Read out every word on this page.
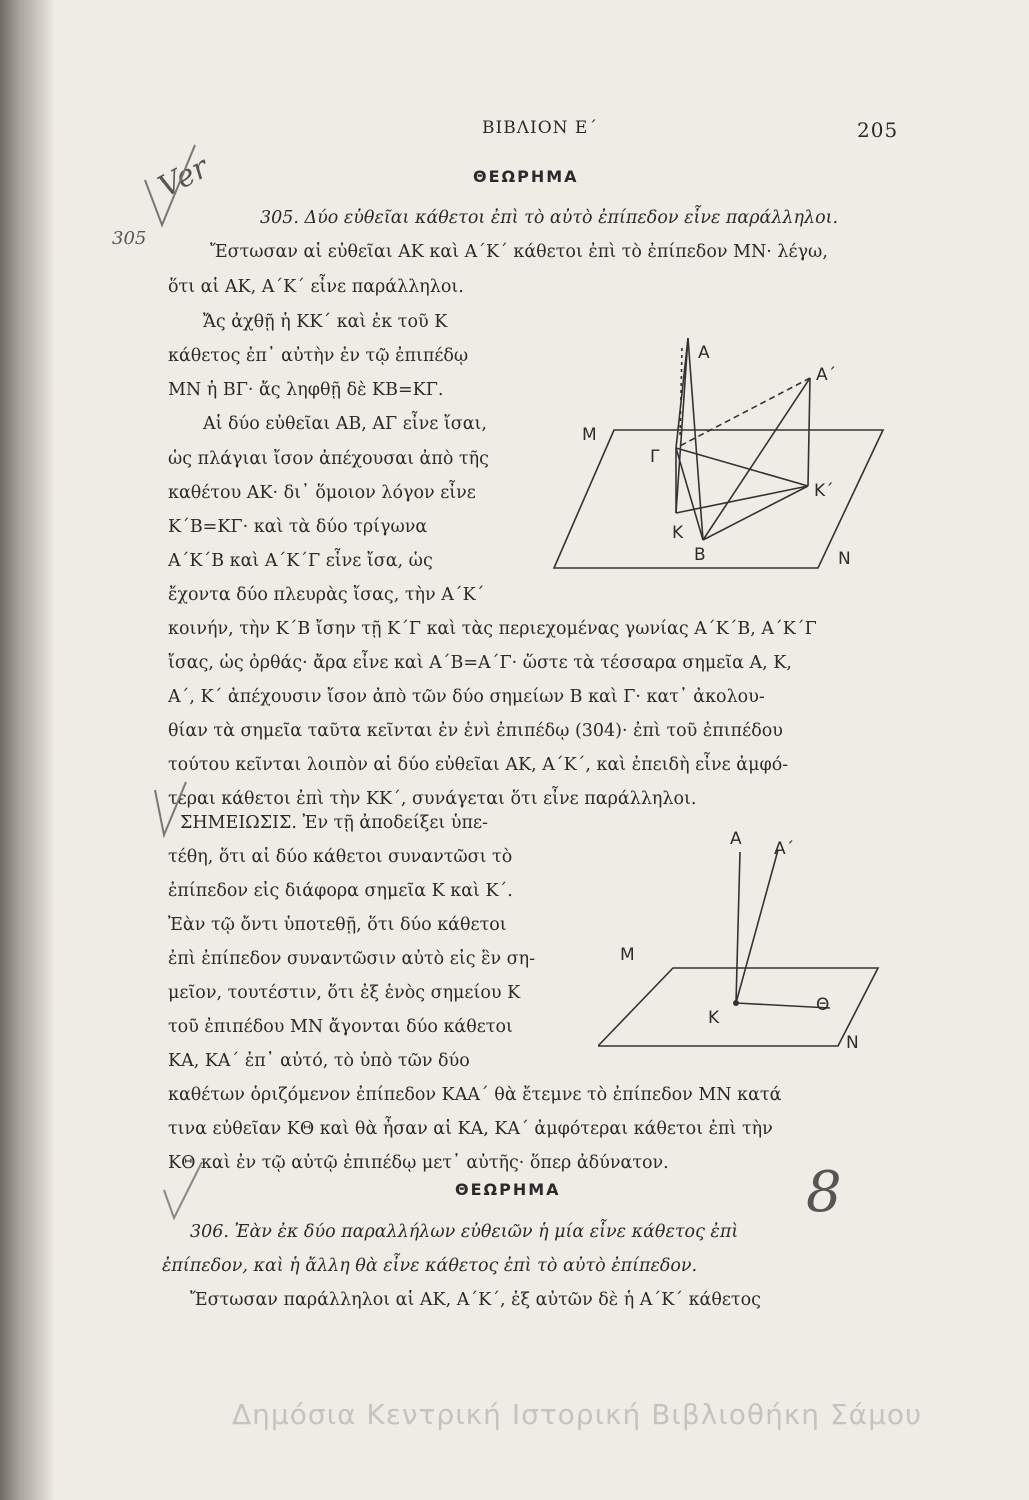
ΒΙΒΛΙΟΝ Ε΄	205
ΘΕΩΡΗΜΑ
305. Δύο εὐθεῖαι κάθετοι ἐπὶ τὸ αὐτὸ ἐπίπεδον εἶνε παράλληλοι.
Ἔστωσαν αἱ εὐθεῖαι ΑΚ καὶ Α΄Κ΄ κάθετοι ἐπὶ τὸ ἐπίπεδον ΜΝ· λέγω,
ὅτι αἱ ΑΚ, Α΄Κ΄ εἶνε παράλληλοι.
Ἄς ἀχθῇ ἡ ΚΚ΄ καὶ ἐκ τοῦ Κ
κάθετος ἐπ᾽ αὐτὴν ἐν τῷ ἐπιπέδῳ
ΜΝ ἡ ΒΓ· ἄς ληφθῇ δὲ ΚΒ=ΚΓ.
Αἱ δύο εὐθεῖαι ΑΒ, ΑΓ εἶνε ἴσαι,
ὡς πλάγιαι ἴσον ἀπέχουσαι ἀπὸ τῆς
καθέτου ΑΚ· δι᾽ ὅμοιον λόγον εἶνε
Κ΄Β=ΚΓ· καὶ τὰ δύο τρίγωνα
Α΄Κ΄Β καὶ Α΄Κ΄Γ εἶνε ἴσα, ὡς
ἔχοντα δύο πλευρὰς ἴσας, τὴν Α΄Κ΄
κοινήν, τὴν Κ΄Β ἴσην τῇ Κ΄Γ καὶ τὰς περιεχομένας γωνίας Α΄Κ΄Β, Α΄Κ΄Γ
ἴσας, ὡς ὀρθάς· ἄρα εἶνε καὶ Α΄Β=Α΄Γ· ὥστε τὰ τέσσαρα σημεῖα Α, Κ,
Α΄, Κ΄ ἀπέχουσιν ἴσον ἀπὸ τῶν δύο σημείων Β καὶ Γ· κατ᾽ ἀκολου-
θίαν τὰ σημεῖα ταῦτα κεῖνται ἐν ἑνὶ ἐπιπέδῳ (304)· ἐπὶ τοῦ ἐπιπέδου
τούτου κεῖνται λοιπὸν αἱ δύο εὐθεῖαι ΑΚ, Α΄Κ΄, καὶ ἐπειδὴ εἶνε ἀμφό-
τεραι κάθετοι ἐπὶ τὴν ΚΚ΄, συνάγεται ὅτι εἶνε παράλληλοι.
Α
Α΄
Μ
Γ
Κ
Κ΄
Β	Ν
ΣΗΜΕΙΩΣΙΣ. Ἐν τῇ ἀποδείξει ὑπε-
τέθη, ὅτι αἱ δύο κάθετοι συναντῶσι τὸ
ἐπίπεδον εἰς διάφορα σημεῖα Κ καὶ Κ΄.
Ἐὰν τῷ ὄντι ὑποτεθῇ, ὅτι δύο κάθετοι
ἐπὶ ἐπίπεδον συναντῶσιν αὐτὸ εἰς ἓν ση-
μεῖον, τουτέστιν, ὅτι ἐξ ἑνὸς σημείου Κ
τοῦ ἐπιπέδου ΜΝ ἄγονται δύο κάθετοι
ΚΑ, ΚΑ΄ ἐπ᾽ αὐτό, τὸ ὑπὸ τῶν δύο
καθέτων ὁριζόμενον ἐπίπεδον ΚΑΑ΄ θὰ ἔτεμνε τὸ ἐπίπεδον ΜΝ κατά
τινα εὐθεῖαν ΚΘ καὶ θὰ ἦσαν αἱ ΚΑ, ΚΑ΄ ἀμφότεραι κάθετοι ἐπὶ τὴν
ΚΘ καὶ ἐν τῷ αὐτῷ ἐπιπέδῳ μετ᾽ αὐτῆς· ὅπερ ἀδύνατον.
Α Α΄
Μ
Κ
Θ
Ν
ΘΕΩΡΗΜΑ
306. Ἐὰν ἐκ δύο παραλλήλων εὐθειῶν ἡ μία εἶνε κάθετος ἐπὶ
ἐπίπεδον, καὶ ἡ ἄλλη θὰ εἶνε κάθετος ἐπὶ τὸ αὐτὸ ἐπίπεδον.
Ἔστωσαν παράλληλοι αἱ ΑΚ, Α΄Κ΄, ἐξ αὐτῶν δὲ ἡ Α΄Κ΄ κάθετος
Ver
305
8
Δημόσια Κεντρική Ιστορική Βιβλιοθήκη Σάμου
